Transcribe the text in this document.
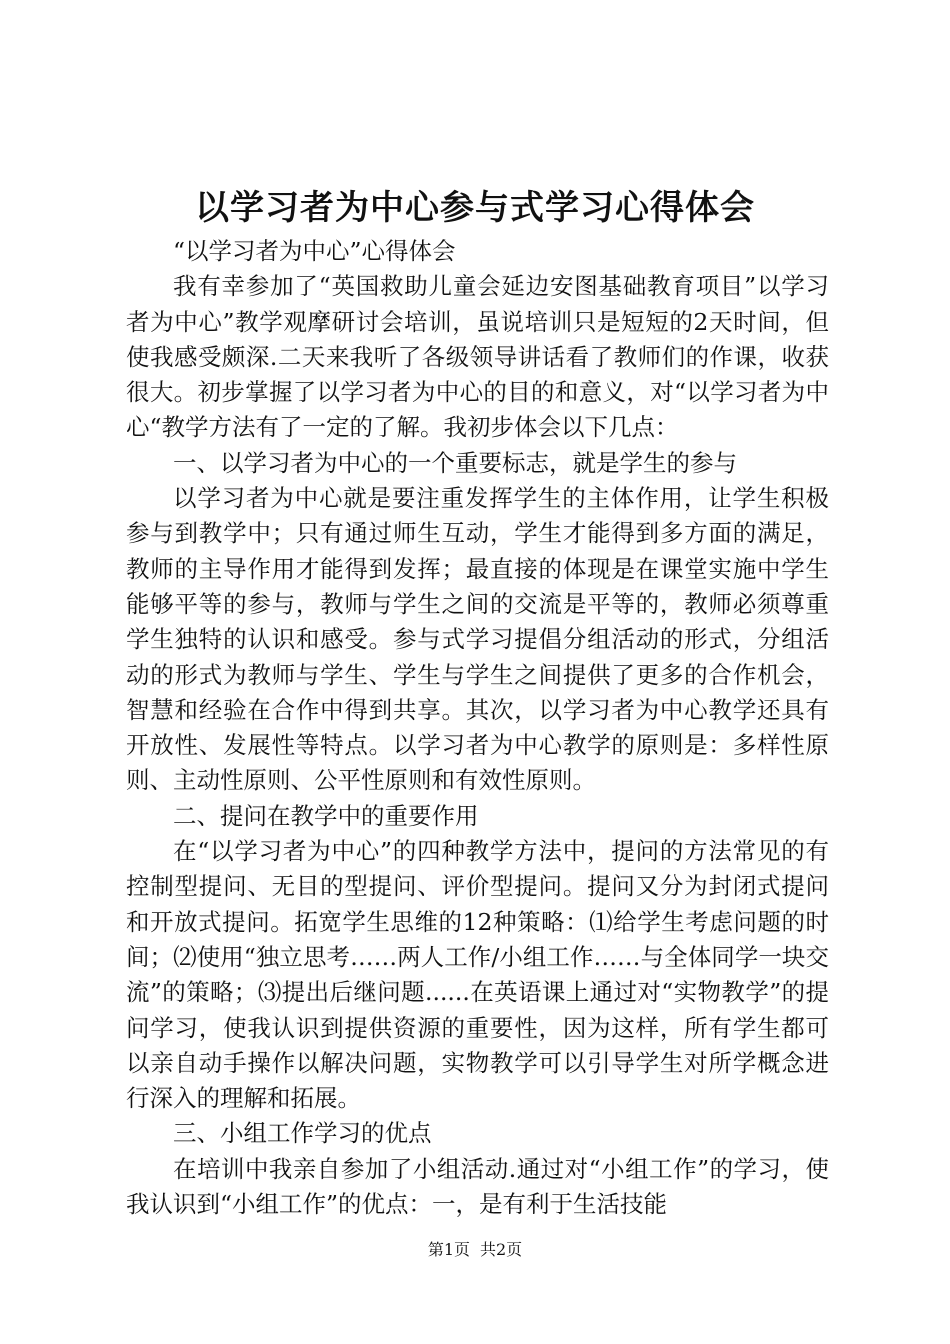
以学习者为中心参与式学习心得体会

“以学习者为中心”心得体会

我有幸参加了“英国救助儿童会延边安图基础教育项目”以学习者为中心”教学观摩研讨会培训，虽说培训只是短短的2天时间，但使我感受颇深.二天来我听了各级领导讲话看了教师们的作课，收获很大。初步掌握了以学习者为中心的目的和意义，对“以学习者为中心“教学方法有了一定的了解。我初步体会以下几点：

一、以学习者为中心的一个重要标志，就是学生的参与

以学习者为中心就是要注重发挥学生的主体作用，让学生积极参与到教学中；只有通过师生互动，学生才能得到多方面的满足，教师的主导作用才能得到发挥；最直接的体现是在课堂实施中学生能够平等的参与，教师与学生之间的交流是平等的，教师必须尊重学生独特的认识和感受。参与式学习提倡分组活动的形式，分组活动的形式为教师与学生、学生与学生之间提供了更多的合作机会，智慧和经验在合作中得到共享。其次，以学习者为中心教学还具有开放性、发展性等特点。以学习者为中心教学的原则是：多样性原则、主动性原则、公平性原则和有效性原则。

二、提问在教学中的重要作用

在“以学习者为中心”的四种教学方法中，提问的方法常见的有控制型提问、无目的型提问、评价型提问。提问又分为封闭式提问和开放式提问。拓宽学生思维的12种策略：⑴给学生考虑问题的时间；⑵使用“独立思考……两人工作/小组工作……与全体同学一块交流”的策略；⑶提出后继问题......在英语课上通过对“实物教学”的提问学习，使我认识到提供资源的重要性，因为这样，所有学生都可以亲自动手操作以解决问题，实物教学可以引导学生对所学概念进行深入的理解和拓展。

三、小组工作学习的优点

在培训中我亲自参加了小组活动.通过对“小组工作”的学习，使我认识到“小组工作”的优点：一，是有利于生活技能

第1页 共2页
